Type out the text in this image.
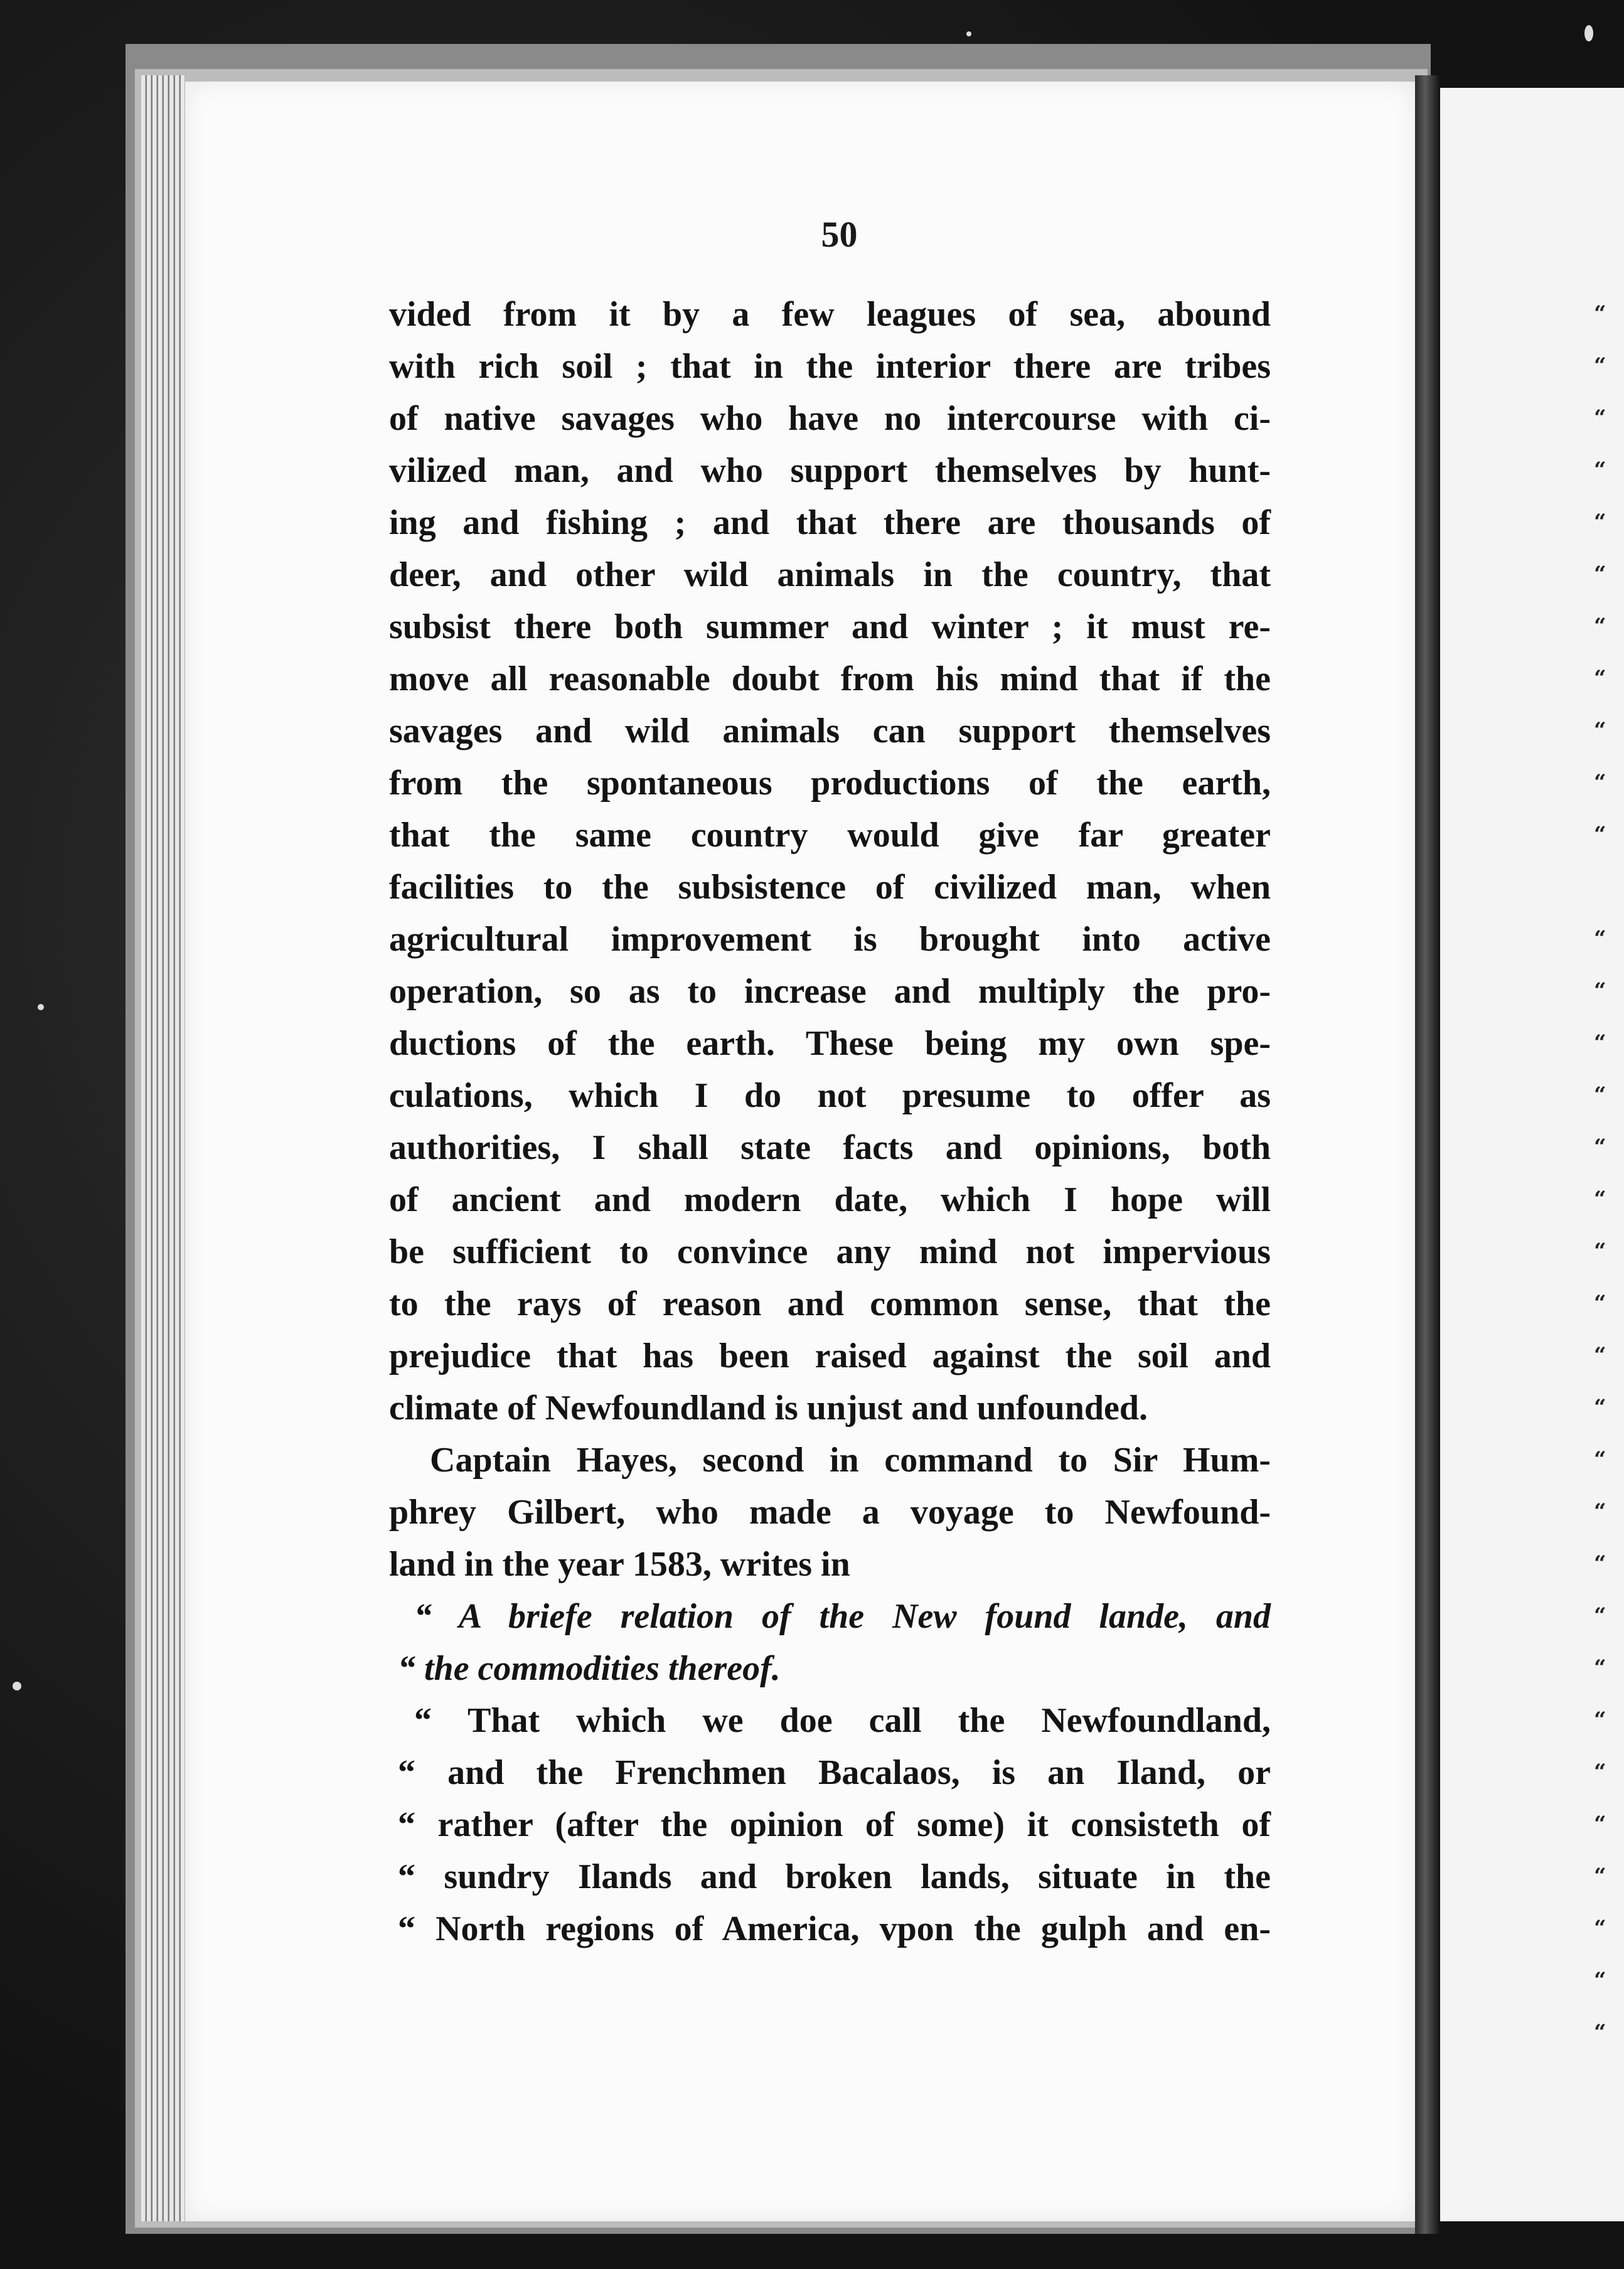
50
vided from it by a few leagues of sea, abound
with rich soil ; that in the interior there are tribes
of native savages who have no intercourse with ci-
vilized man, and who support themselves by hunt-
ing and fishing ; and that there are thousands of
deer, and other wild animals in the country, that
subsist there both summer and winter ; it must re-
move all reasonable doubt from his mind that if the
savages and wild animals can support themselves
from the spontaneous productions of the earth,
that the same country would give far greater
facilities to the subsistence of civilized man, when
agricultural improvement is brought into active
operation, so as to increase and multiply the pro-
ductions of the earth. These being my own spe-
culations, which I do not presume to offer as
authorities, I shall state facts and opinions, both
of ancient and modern date, which I hope will
be sufficient to convince any mind not impervious
to the rays of reason and common sense, that the
prejudice that has been raised against the soil and
climate of Newfoundland is unjust and unfounded.
Captain Hayes, second in command to Sir Hum-
phrey Gilbert, who made a voyage to Newfound-
land in the year 1583, writes in
“ A briefe relation of the New found lande, and
“ the commodities thereof.
“ That which we doe call the Newfoundland,
“ and the Frenchmen Bacalaos, is an Iland, or
“ rather (after the opinion of some) it consisteth of
“ sundry Ilands and broken lands, situate in the
“ North regions of America, vpon the gulph and en-
“
“
“
“
“
“
“
“
“
“
“
“
“
“
“
“
“
“
“
“
“
“
“
“
“
“
“
“
“
“
“
“
“
